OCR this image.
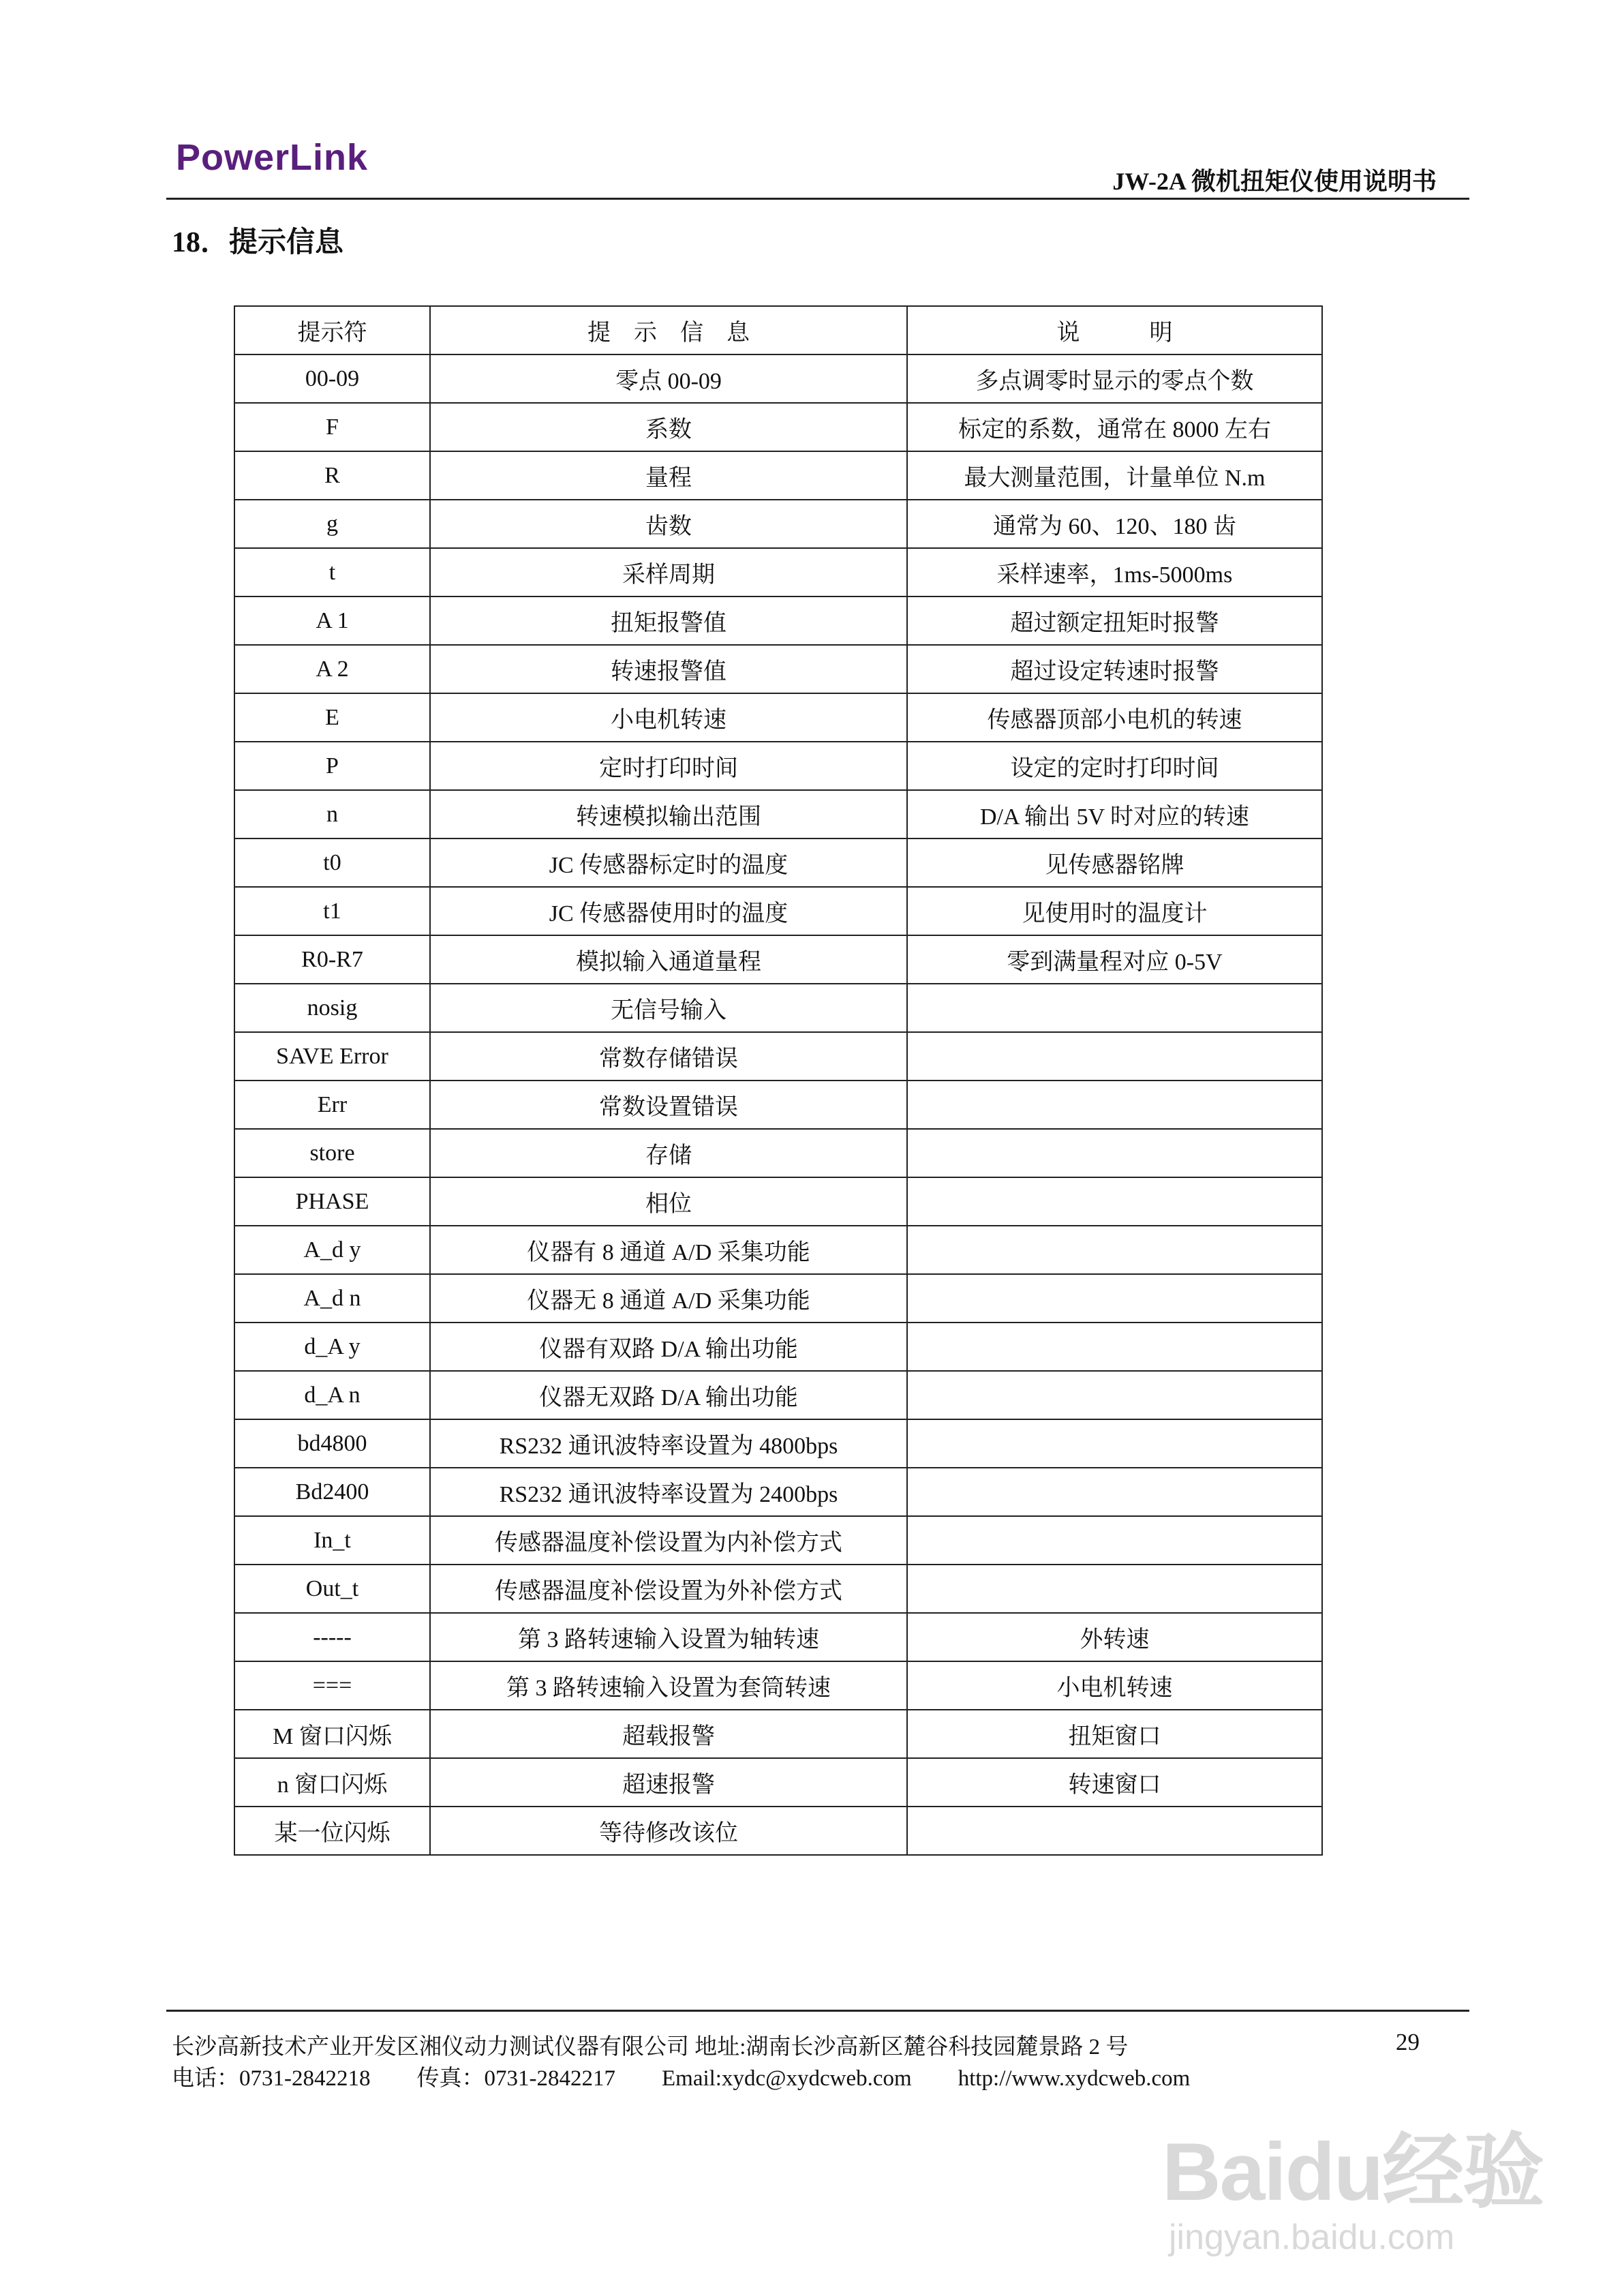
PowerLink
JW-2A 微机扭矩仪使用说明书
18．提示信息
提示符	提　示　信　息	说　　　明
00-09	零点 00-09	多点调零时显示的零点个数
F	系数	标定的系数，通常在 8000 左右
R	量程	最大测量范围，计量单位 N.m
g	齿数	通常为 60、120、180 齿
t	采样周期	采样速率，1ms-5000ms
A 1	扭矩报警值	超过额定扭矩时报警
A 2	转速报警值	超过设定转速时报警
E	小电机转速	传感器顶部小电机的转速
P	定时打印时间	设定的定时打印时间
n	转速模拟输出范围	D/A 输出 5V 时对应的转速
t0	JC 传感器标定时的温度	见传感器铭牌
t1	JC 传感器使用时的温度	见使用时的温度计
R0-R7	模拟输入通道量程	零到满量程对应 0-5V
nosig	无信号输入	
SAVE Error	常数存储错误	
Err	常数设置错误	
store	存储	
PHASE	相位	
A_d y	仪器有 8 通道 A/D 采集功能	
A_d n	仪器无 8 通道 A/D 采集功能	
d_A y	仪器有双路 D/A 输出功能	
d_A n	仪器无双路 D/A 输出功能	
bd4800	RS232 通讯波特率设置为 4800bps	
Bd2400	RS232 通讯波特率设置为 2400bps	
In_t	传感器温度补偿设置为内补偿方式	
Out_t	传感器温度补偿设置为外补偿方式	
-----	第 3 路转速输入设置为轴转速	外转速
===	第 3 路转速输入设置为套筒转速	小电机转速
M 窗口闪烁	超载报警	扭矩窗口
n 窗口闪烁	超速报警	转速窗口
某一位闪烁	等待修改该位	
长沙高新技术产业开发区湘仪动力测试仪器有限公司 地址:湖南长沙高新区麓谷科技园麓景路 2 号
电话：0731-2842218 传真：0731-2842217 Email:xydc@xydcweb.com http://www.xydcweb.com
29
Baidu经验
jingyan.baidu.com
